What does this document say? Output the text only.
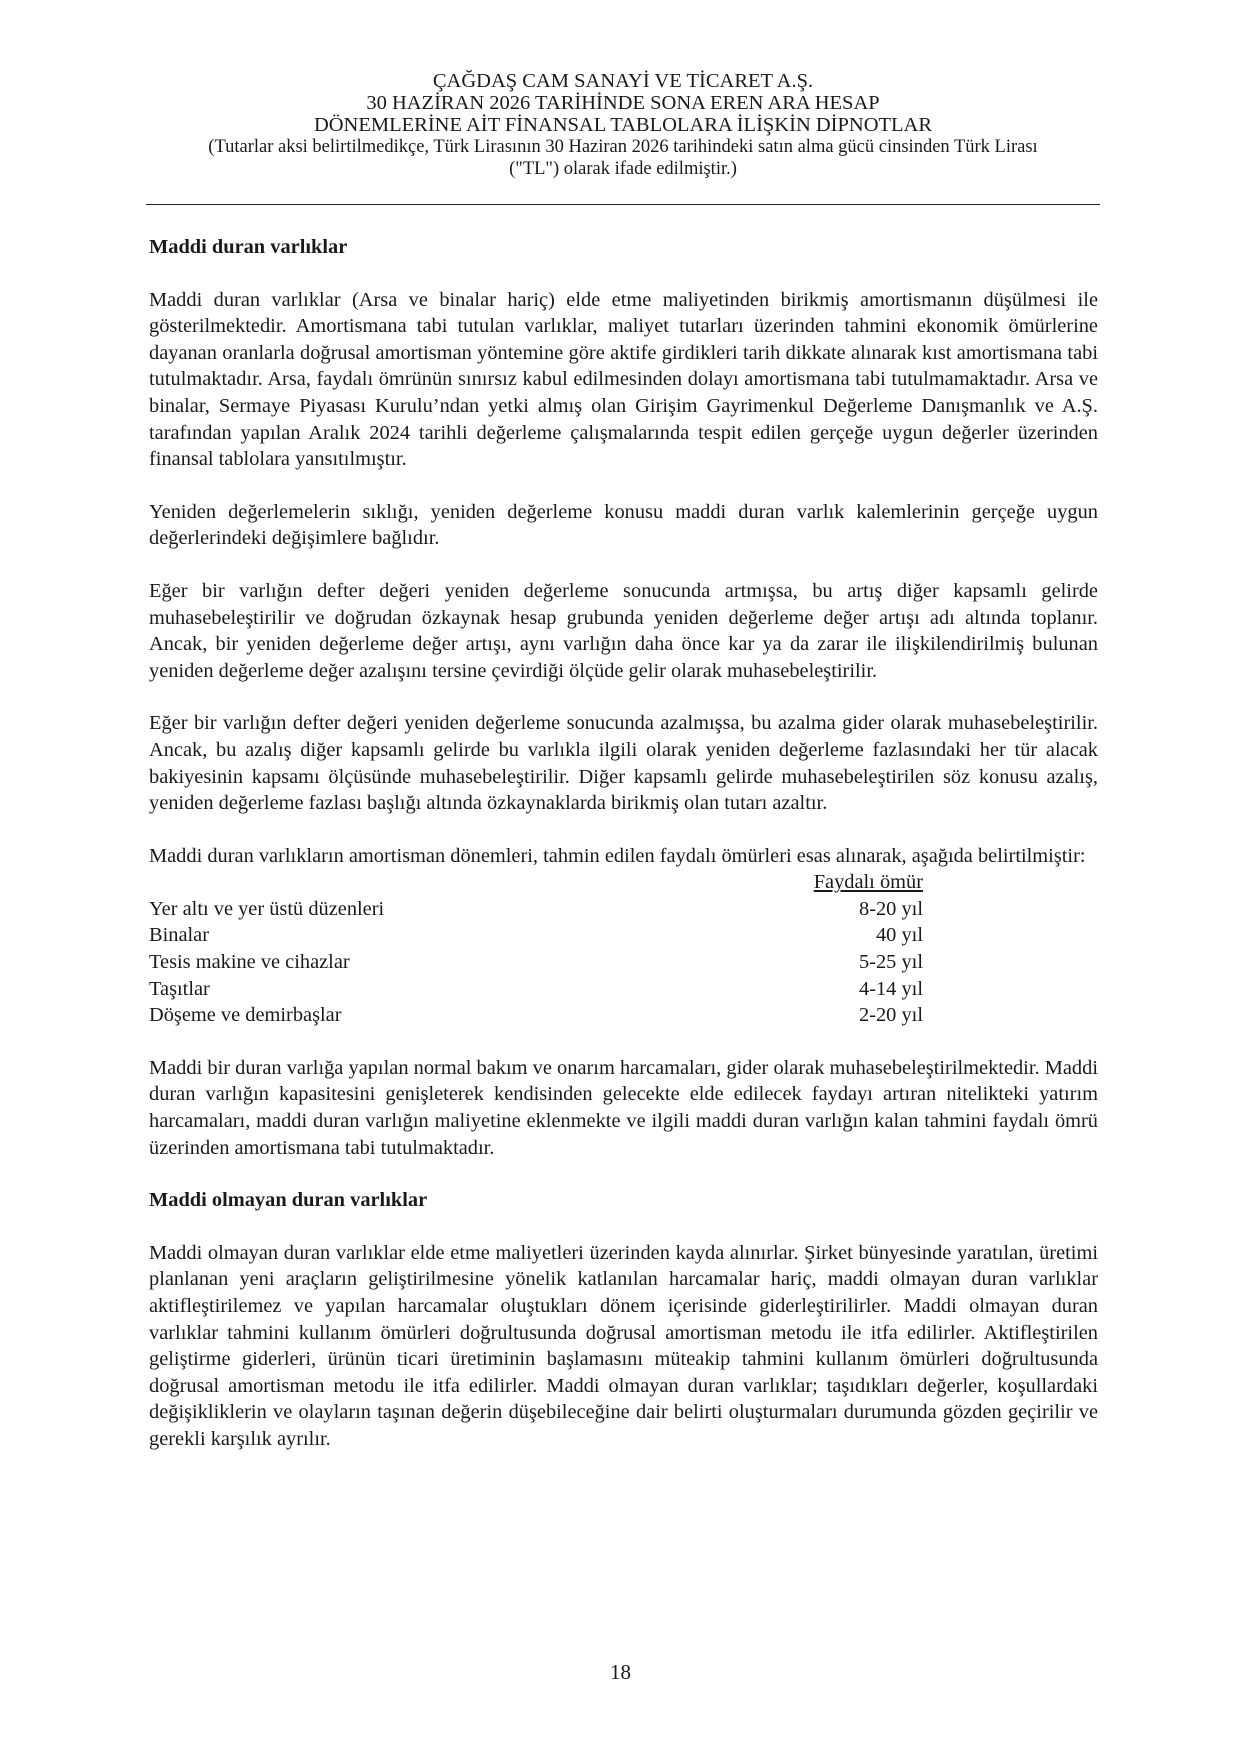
ÇAĞDAŞ CAM SANAYİ VE TİCARET A.Ş.
30 HAZİRAN 2026 TARİHİNDE SONA EREN ARA HESAP
DÖNEMLERİNE AİT FİNANSAL TABLOLARA İLİŞKİN DİPNOTLAR
(Tutarlar aksi belirtilmedikçe, Türk Lirasının 30 Haziran 2026 tarihindeki satın alma gücü cinsinden Türk Lirası
("TL") olarak ifade edilmiştir.)
Maddi duran varlıklar

Maddi duran varlıklar (Arsa ve binalar hariç) elde etme maliyetinden birikmiş amortismanın düşülmesi ile gösterilmektedir. Amortismana tabi tutulan varlıklar, maliyet tutarları üzerinden tahmini ekonomik ömürlerine dayanan oranlarla doğrusal amortisman yöntemine göre aktife girdikleri tarih dikkate alınarak kıst amortismana tabi tutulmaktadır. Arsa, faydalı ömrünün sınırsız kabul edilmesinden dolayı amortismana tabi tutulmamaktadır. Arsa ve binalar, Sermaye Piyasası Kurulu’ndan yetki almış olan Girişim Gayrimenkul Değerleme Danışmanlık ve A.Ş. tarafından yapılan Aralık 2024 tarihli değerleme çalışmalarında tespit edilen gerçeğe uygun değerler üzerinden finansal tablolara yansıtılmıştır.

Yeniden değerlemelerin sıklığı, yeniden değerleme konusu maddi duran varlık kalemlerinin gerçeğe uygun değerlerindeki değişimlere bağlıdır.

Eğer bir varlığın defter değeri yeniden değerleme sonucunda artmışsa, bu artış diğer kapsamlı gelirde muhasebeleştirilir ve doğrudan özkaynak hesap grubunda yeniden değerleme değer artışı adı altında toplanır. Ancak, bir yeniden değerleme değer artışı, aynı varlığın daha önce kar ya da zarar ile ilişkilendirilmiş bulunan yeniden değerleme değer azalışını tersine çevirdiği ölçüde gelir olarak muhasebeleştirilir.

Eğer bir varlığın defter değeri yeniden değerleme sonucunda azalmışsa, bu azalma gider olarak muhasebeleştirilir. Ancak, bu azalış diğer kapsamlı gelirde bu varlıkla ilgili olarak yeniden değerleme fazlasındaki her tür alacak bakiyesinin kapsamı ölçüsünde muhasebeleştirilir. Diğer kapsamlı gelirde muhasebeleştirilen söz konusu azalış, yeniden değerleme fazlası başlığı altında özkaynaklarda birikmiş olan tutarı azaltır.

Maddi duran varlıkların amortisman dönemleri, tahmin edilen faydalı ömürleri esas alınarak, aşağıda belirtilmiştir:

	Faydalı ömür
Yer altı ve yer üstü düzenleri	8-20 yıl
Binalar	40 yıl
Tesis makine ve cihazlar	5-25 yıl
Taşıtlar	4-14 yıl
Döşeme ve demirbaşlar	2-20 yıl

Maddi bir duran varlığa yapılan normal bakım ve onarım harcamaları, gider olarak muhasebeleştirilmektedir. Maddi duran varlığın kapasitesini genişleterek kendisinden gelecekte elde edilecek faydayı artıran nitelikteki yatırım harcamaları, maddi duran varlığın maliyetine eklenmekte ve ilgili maddi duran varlığın kalan tahmini faydalı ömrü üzerinden amortismana tabi tutulmaktadır.

Maddi olmayan duran varlıklar

Maddi olmayan duran varlıklar elde etme maliyetleri üzerinden kayda alınırlar. Şirket bünyesinde yaratılan, üretimi planlanan yeni araçların geliştirilmesine yönelik katlanılan harcamalar hariç, maddi olmayan duran varlıklar aktifleştirilemez ve yapılan harcamalar oluştukları dönem içerisinde giderleştirilirler. Maddi olmayan duran varlıklar tahmini kullanım ömürleri doğrultusunda doğrusal amortisman metodu ile itfa edilirler. Aktifleştirilen geliştirme giderleri, ürünün ticari üretiminin başlamasını müteakip tahmini kullanım ömürleri doğrultusunda doğrusal amortisman metodu ile itfa edilirler. Maddi olmayan duran varlıklar; taşıdıkları değerler, koşullardaki değişikliklerin ve olayların taşınan değerin düşebileceğine dair belirti oluşturmaları durumunda gözden geçirilir ve gerekli karşılık ayrılır.

18
